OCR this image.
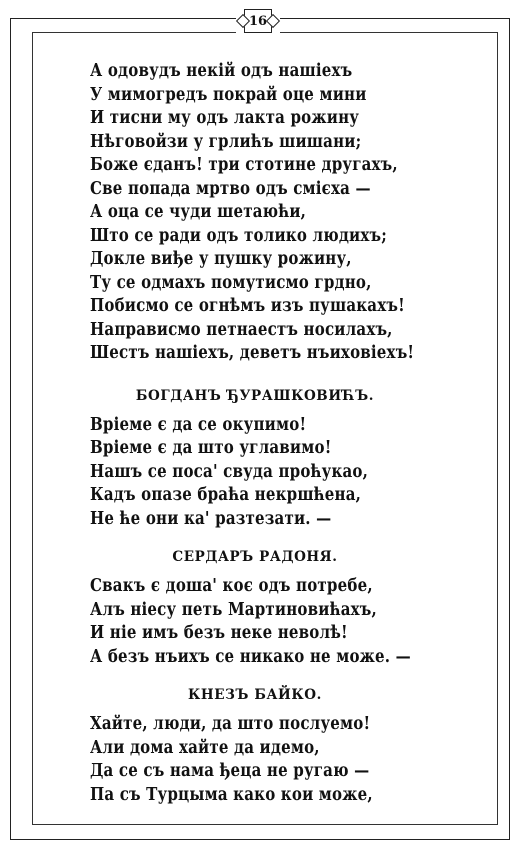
16
А одовудъ некій одъ нашіехъ
У мимогредъ покрай оце мини
И тисни му одъ лакта рожину
Нѣговойзи у грлићъ шишани;
Боже єданъ! три стотине другахъ,
Све попада мртво одъ смієха —
А оца се чуди шетаюћи,
Што се ради одъ толико людихъ;
Докле виђе у пушку рожину,
Ту се одмахъ помутисмо грдно,
Побисмо се огнѣмъ изъ пушакахъ!
Направисмо петнаестъ носилахъ,
Шестъ нашіехъ, деветъ нъиховіехъ!
БОГДАНЪ ЂУРАШКОВИЋЪ.
Вріеме є да се окупимо!
Вріеме є да што углавимо!
Нашъ се поса' свуда проћукао,
Кадъ опазе браћа некршћена,
Не ће они ка' разтезати. —
СЕРДАРЪ РАДОНЯ.
Свакъ є доша' коє одъ потребе,
Алъ ніесу петь Мартиновићахъ,
И ніе имъ безъ неке неволѣ!
А безъ нъихъ се никако не може. —
КНЕЗЪ БАЙКО.
Хайте, люди, да што послуемо!
Али дома хайте да идемо,
Да се съ нама ђеца не ругаю —
Па съ Турцыма како кои може,
